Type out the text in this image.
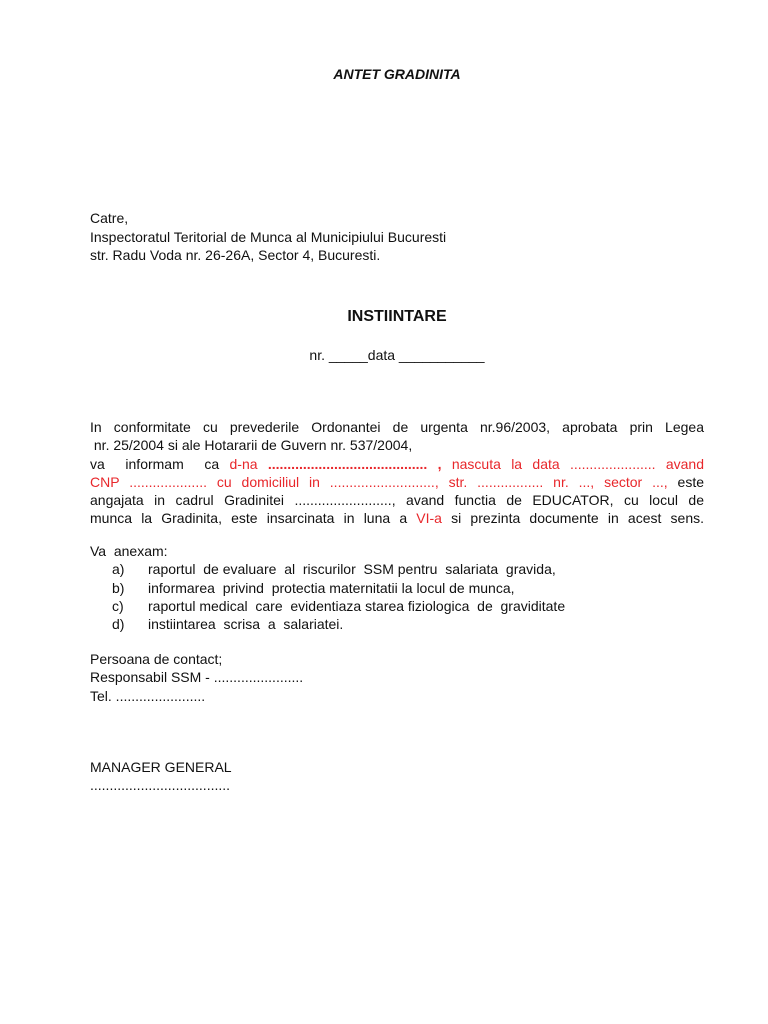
ANTET GRADINITA
Catre,
Inspectoratul Teritorial de Munca al Municipiului Bucuresti
str. Radu Voda nr. 26-26A, Sector 4, Bucuresti.
INSTIINTARE
nr. _____data ___________
In conformitate cu prevederile Ordonantei de urgenta nr.96/2003, aprobata prin Legea
nr. 25/2004 si ale Hotararii de Guvern nr. 537/2004,
va  informam  ca d-na ......................................... , nascuta la data ...................... avand
CNP .................... cu domiciliul in ..........................., str. ................. nr. ..., sector ..., este
angajata in cadrul Gradinitei ........................., avand functia de EDUCATOR, cu locul de
munca la Gradinita, este insarcinata in luna a VI-a si prezinta documente in acest sens.
Va  anexam:
a) raportul  de evaluare  al  riscurilor  SSM pentru  salariata  gravida,
b) informarea  privind  protectia maternitatii la locul de munca,
c) raportul medical  care  evidentiaza starea fiziologica  de  graviditate
d) instiintarea  scrisa  a  salariatei.
Persoana de contact;
Responsabil SSM - .......................
Tel. .......................
MANAGER GENERAL
....................................
